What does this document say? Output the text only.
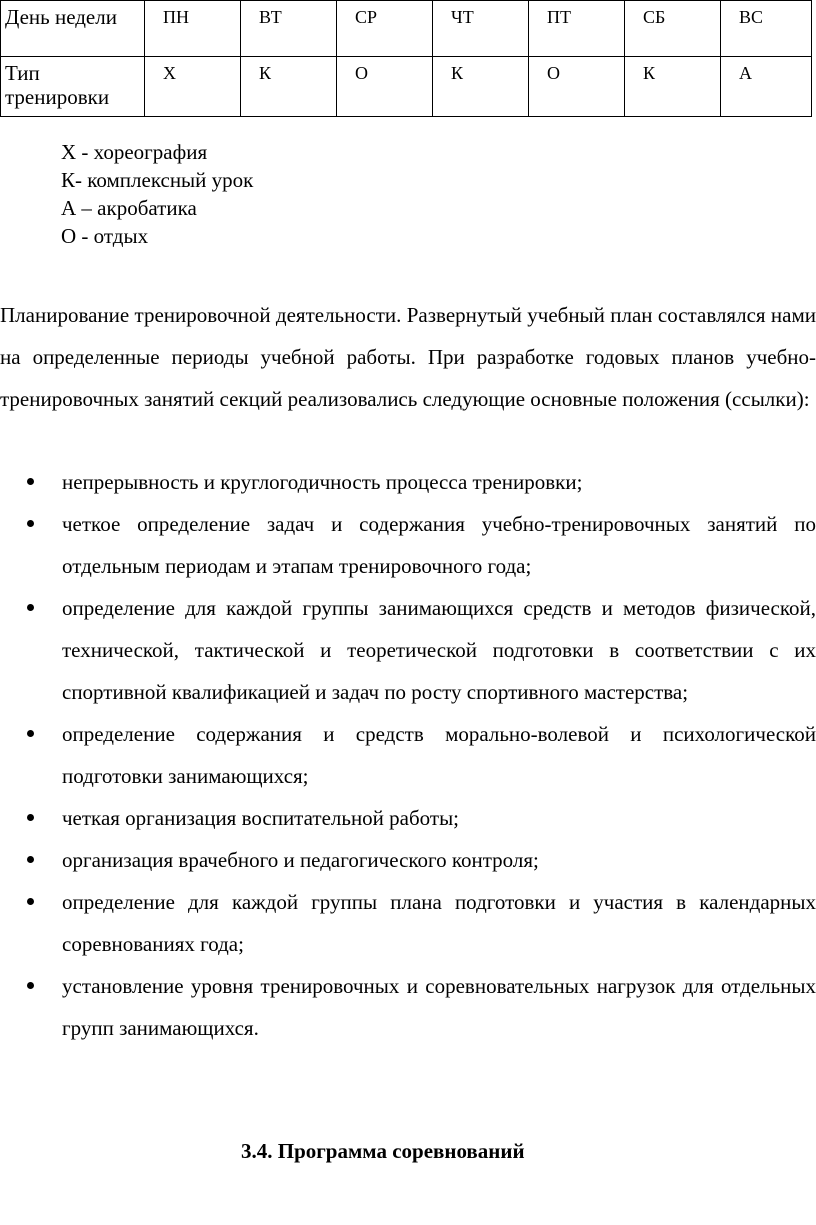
День недели	ПН	ВТ	СР	ЧТ	ПТ	СБ	ВС
Тип тренировки	Х	К	О	К	О	К	А
Х - хореография
К- комплексный урок
А – акробатика
О - отдых

Планирование тренировочной деятельности. Развернутый учебный план составлялся нами на определенные периоды учебной работы. При разработке годовых планов учебно-тренировочных занятий секций реализовались следующие основные положения (ссылки):

непрерывность и круглогодичность процесса тренировки;
четкое определение задач и содержания учебно-тренировочных занятий по отдельным периодам и этапам тренировочного года;
определение для каждой группы занимающихся средств и методов физической, технической, тактической и теоретической подготовки в соответствии с их спортивной квалификацией и задач по росту спортивного мастерства;
определение содержания и средств морально-волевой и психологической подготовки занимающихся;
четкая организация воспитательной работы;
организация врачебного и педагогического контроля;
определение для каждой группы плана подготовки и участия в календарных соревнованиях года;
установление уровня тренировочных и соревновательных нагрузок для отдельных групп занимающихся.
3.4. Программа соревнований
